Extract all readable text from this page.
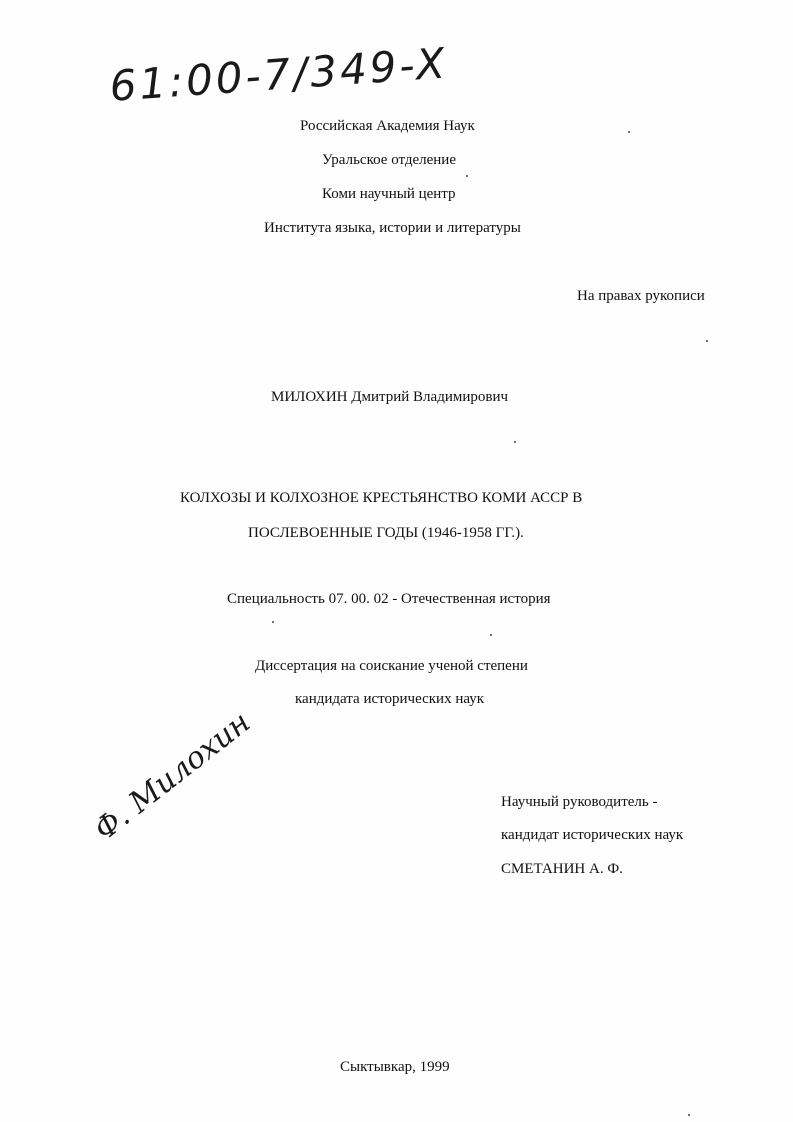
61:00-7/349-X
Российская Академия Наук
Уральское отделение
Коми научный центр
Института языка, истории и литературы
На правах рукописи
МИЛОХИН Дмитрий Владимирович
КОЛХОЗЫ И КОЛХОЗНОЕ КРЕСТЬЯНСТВО КОМИ АССР В
ПОСЛЕВОЕННЫЕ ГОДЫ (1946-1958 ГГ.).
Специальность 07. 00. 02 - Отечественная история
Диссертация на соискание ученой степени
кандидата исторических наук
Ф. Милохин	Научный руководитель -
кандидат исторических наук
СМЕТАНИН А. Ф.
Сыктывкар, 1999
